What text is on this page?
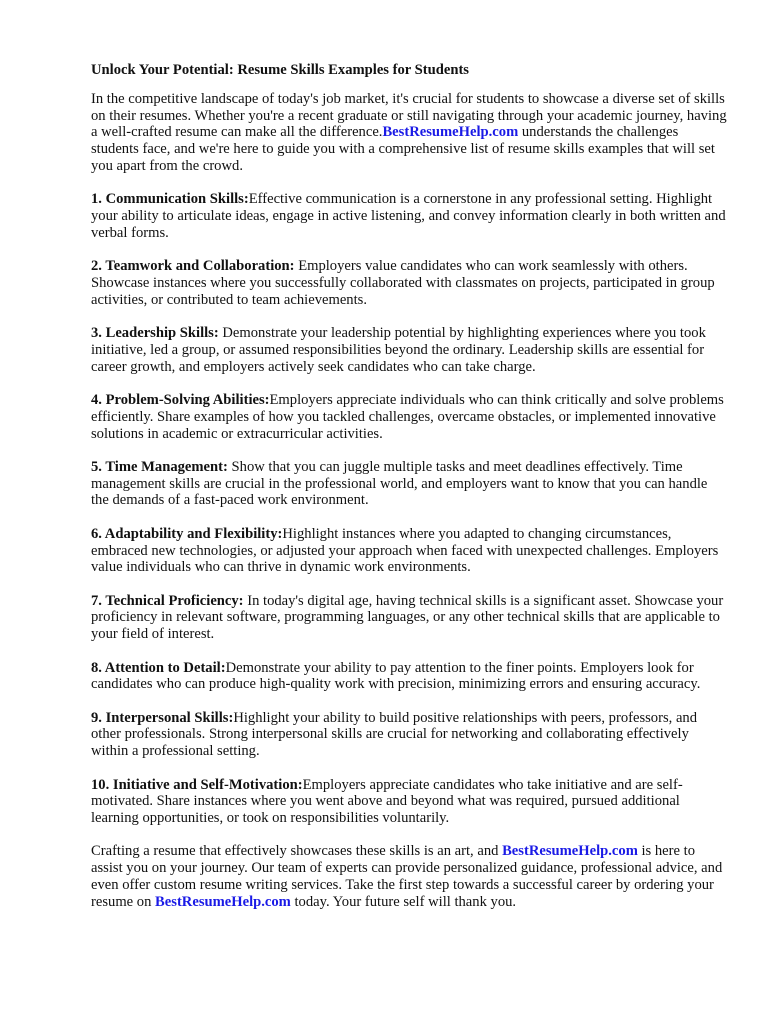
Unlock Your Potential: Resume Skills Examples for Students

In the competitive landscape of today's job market, it's crucial for students to showcase a diverse set of skills on their resumes. Whether you're a recent graduate or still navigating through your academic journey, having a well-crafted resume can make all the difference.BestResumeHelp.com understands the challenges students face, and we're here to guide you with a comprehensive list of resume skills examples that will set you apart from the crowd.

1. Communication Skills:Effective communication is a cornerstone in any professional setting. Highlight your ability to articulate ideas, engage in active listening, and convey information clearly in both written and verbal forms.

2. Teamwork and Collaboration: Employers value candidates who can work seamlessly with others. Showcase instances where you successfully collaborated with classmates on projects, participated in group activities, or contributed to team achievements.

3. Leadership Skills: Demonstrate your leadership potential by highlighting experiences where you took initiative, led a group, or assumed responsibilities beyond the ordinary. Leadership skills are essential for career growth, and employers actively seek candidates who can take charge.

4. Problem-Solving Abilities:Employers appreciate individuals who can think critically and solve problems efficiently. Share examples of how you tackled challenges, overcame obstacles, or implemented innovative solutions in academic or extracurricular activities.

5. Time Management: Show that you can juggle multiple tasks and meet deadlines effectively. Time management skills are crucial in the professional world, and employers want to know that you can handle the demands of a fast-paced work environment.

6. Adaptability and Flexibility:Highlight instances where you adapted to changing circumstances, embraced new technologies, or adjusted your approach when faced with unexpected challenges. Employers value individuals who can thrive in dynamic work environments.

7. Technical Proficiency: In today's digital age, having technical skills is a significant asset. Showcase your proficiency in relevant software, programming languages, or any other technical skills that are applicable to your field of interest.

8. Attention to Detail:Demonstrate your ability to pay attention to the finer points. Employers look for candidates who can produce high-quality work with precision, minimizing errors and ensuring accuracy.

9. Interpersonal Skills:Highlight your ability to build positive relationships with peers, professors, and other professionals. Strong interpersonal skills are crucial for networking and collaborating effectively within a professional setting.

10. Initiative and Self-Motivation:Employers appreciate candidates who take initiative and are self-motivated. Share instances where you went above and beyond what was required, pursued additional learning opportunities, or took on responsibilities voluntarily.

Crafting a resume that effectively showcases these skills is an art, and BestResumeHelp.com is here to assist you on your journey. Our team of experts can provide personalized guidance, professional advice, and even offer custom resume writing services. Take the first step towards a successful career by ordering your resume on BestResumeHelp.com today. Your future self will thank you.
